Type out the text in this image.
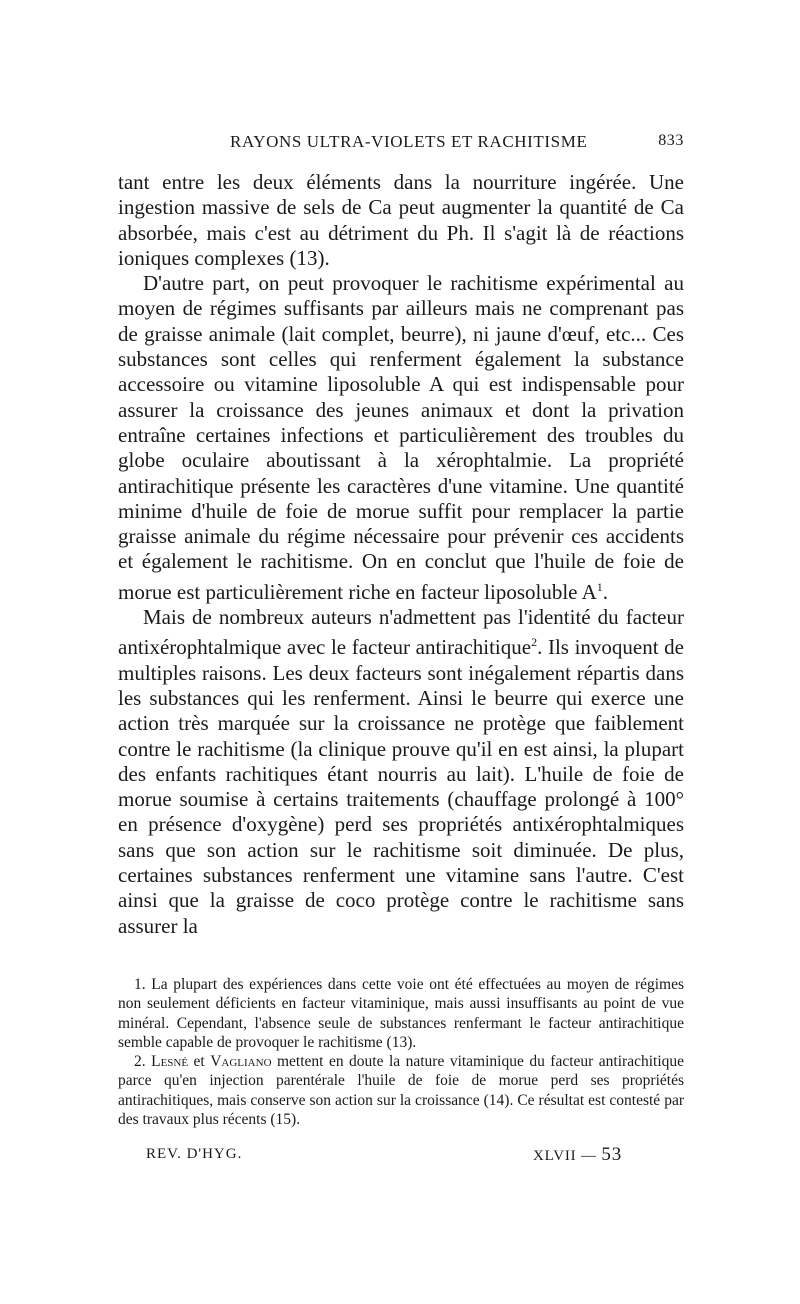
RAYONS ULTRA-VIOLETS ET RACHITISME	833

tant entre les deux éléments dans la nourriture ingérée. Une ingestion massive de sels de Ca peut augmenter la quantité de Ca absorbée, mais c'est au détriment du Ph. Il s'agit là de réactions ioniques complexes (13).

D'autre part, on peut provoquer le rachitisme expérimental au moyen de régimes suffisants par ailleurs mais ne comprenant pas de graisse animale (lait complet, beurre), ni jaune d'œuf, etc... Ces substances sont celles qui renferment également la substance accessoire ou vitamine liposoluble A qui est indispensable pour assurer la croissance des jeunes animaux et dont la privation entraîne certaines infections et particulièrement des troubles du globe oculaire aboutissant à la xérophtalmie. La propriété antirachitique présente les caractères d'une vitamine. Une quantité minime d'huile de foie de morue suffit pour remplacer la partie graisse animale du régime nécessaire pour prévenir ces accidents et également le rachitisme. On en conclut que l'huile de foie de morue est particulièrement riche en facteur liposoluble $A^1$.

Mais de nombreux auteurs n'admettent pas l'identité du facteur antixérophtalmique avec le facteur antirachitique$^2$. Ils invoquent de multiples raisons. Les deux facteurs sont inégalement répartis dans les substances qui les renferment. Ainsi le beurre qui exerce une action très marquée sur la croissance ne protège que faiblement contre le rachitisme (la clinique prouve qu'il en est ainsi, la plupart des enfants rachitiques étant nourris au lait). L'huile de foie de morue soumise à certains traitements (chauffage prolongé à 100° en présence d'oxygène) perd ses propriétés antixérophtalmiques sans que son action sur le rachitisme soit diminuée. De plus, certaines substances renferment une vitamine sans l'autre. C'est ainsi que la graisse de coco protège contre le rachitisme sans assurer la

1. La plupart des expériences dans cette voie ont été effectuées au moyen de régimes non seulement déficients en facteur vitaminique, mais aussi insuffisants au point de vue minéral. Cependant, l'absence seule de substances renfermant le facteur antirachitique semble capable de provoquer le rachitisme (13).

2. Lesné et Vagliano mettent en doute la nature vitaminique du facteur antirachitique parce qu'en injection parentérale l'huile de foie de morue perd ses propriétés antirachitiques, mais conserve son action sur la croissance (14). Ce résultat est contesté par des travaux plus récents (15).

REV. D'HYG.	XLVII — 53
